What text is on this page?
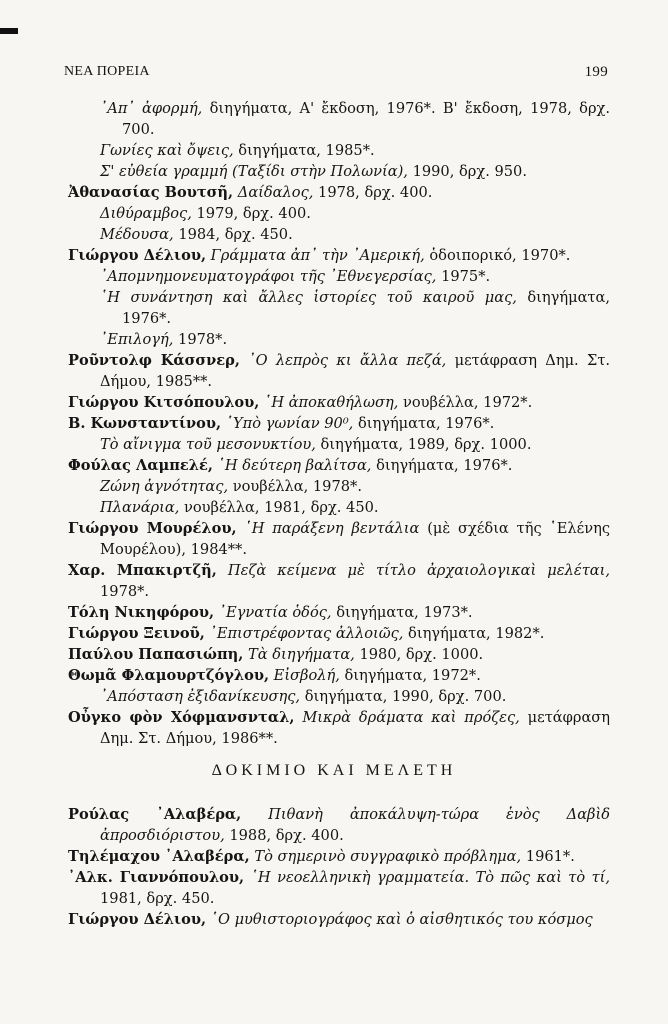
ΝΕΑ ΠΟΡΕΙΑ	199

᾿Απ᾿ ἀφορμή, διηγήματα, Α' ἔκδοση, 1976*. Β' ἔκδοση, 1978, δρχ. 700.

Γωνίες καὶ ὄψεις, διηγήματα, 1985*.

Σ' εὐθεία γραμμή (Ταξίδι στὴν Πολωνία), 1990, δρχ. 950.

Ἀθανασίας Βουτσῆ, Δαίδαλος, 1978, δρχ. 400.

Διθύραμβος, 1979, δρχ. 400.

Μέδουσα, 1984, δρχ. 450.

Γιώργου Δέλιου, Γράμματα ἀπ᾿ τὴν ᾿Αμερική, ὁδοιπορικό, 1970*.

᾿Απομνημονευματογράφοι τῆς ᾿Εθνεγερσίας, 1975*.

῾Η συνάντηση καὶ ἄλλες ἱστορίες τοῦ καιροῦ μας, διηγήματα, 1976*.

᾿Επιλογή, 1978*.

Ροῦντολφ Κάσσνερ, ᾿Ο λεπρὸς κι ἄλλα πεζά, μετάφραση Δημ. Στ. Δήμου, 1985**.

Γιώργου Κιτσόπουλου, ῾Η ἀποκαθήλωση, νουβέλλα, 1972*.

Β. Κωνσταντίνου, ῾Υπὸ γωνίαν 90⁰, διηγήματα, 1976*.

Τὸ αἴνιγμα τοῦ μεσονυκτίου, διηγήματα, 1989, δρχ. 1000.

Φούλας Λαμπελέ, ῾Η δεύτερη βαλίτσα, διηγήματα, 1976*.

Ζώνη ἁγνότητας, νουβέλλα, 1978*.

Πλανάρια, νουβέλλα, 1981, δρχ. 450.

Γιώργου Μουρέλου, ῾Η παράξενη βεντάλια (μὲ σχέδια τῆς ῾Ελένης Μουρέλου), 1984**.

Χαρ. Μπακιρτζῆ, Πεζὰ κείμενα μὲ τίτλο ἀρχαιολογικαὶ μελέται, 1978*.

Τόλη Νικηφόρου, ᾿Εγνατία ὁδός, διηγήματα, 1973*.

Γιώργου Ξεινοῦ, ᾿Επιστρέφοντας ἀλλοιῶς, διηγήματα, 1982*.

Παύλου Παπασιώπη, Τὰ διηγήματα, 1980, δρχ. 1000.

Θωμᾶ Φλαμουρτζόγλου, Εἰσβολή, διηγήματα, 1972*.

᾿Απόσταση ἐξιδανίκευσης, διηγήματα, 1990, δρχ. 700.

Οὖγκο φὸν Χόφμανσνταλ, Μικρὰ δράματα καὶ πρόζες, μετάφραση Δημ. Στ. Δήμου, 1986**.

ΔΟΚΙΜΙΟ ΚΑΙ ΜΕΛΕΤΗ

Ρούλας ᾿Αλαβέρα, Πιθανὴ ἀποκάλυψη-τώρα ἑνὸς Δαβὶδ ἀπροσδιόριστου, 1988, δρχ. 400.

Τηλέμαχου ᾿Αλαβέρα, Τὸ σημερινὸ συγγραφικὸ πρόβλημα, 1961*.

᾿Αλκ. Γιαννόπουλου, ῾Η νεοελληνικὴ γραμματεία. Τὸ πῶς καὶ τὸ τί, 1981, δρχ. 450.

Γιώργου Δέλιου, ῾Ο μυθιστοριογράφος καὶ ὁ αἰσθητικός του κόσμος
